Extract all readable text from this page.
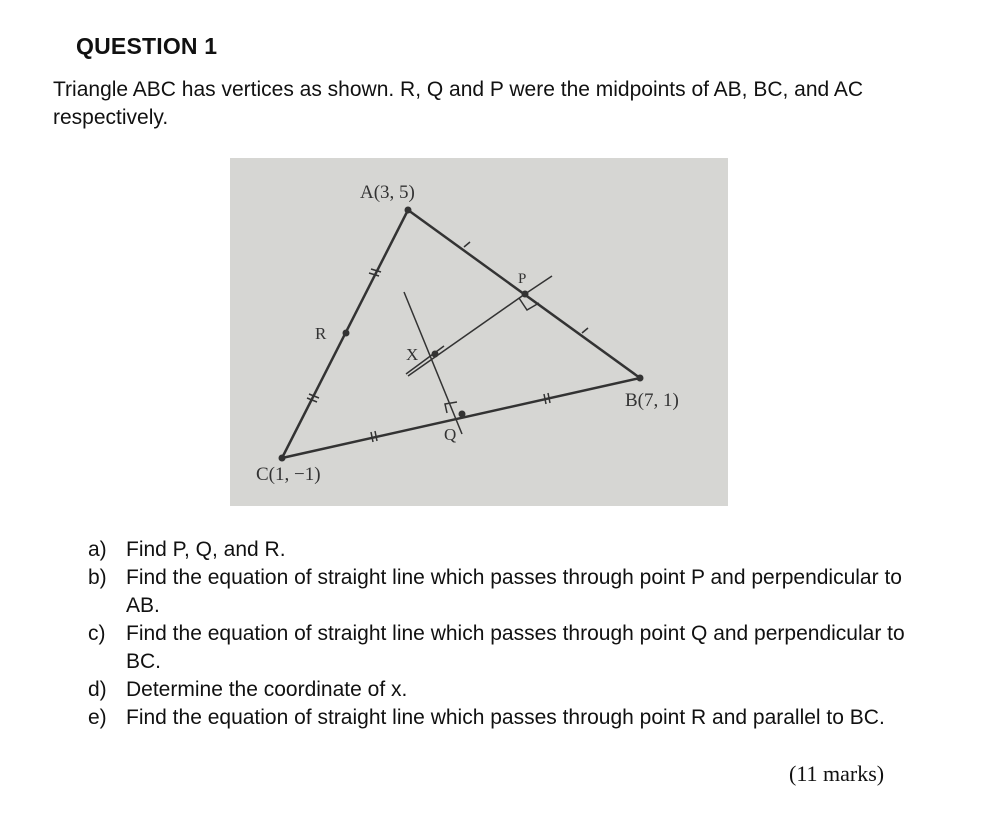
QUESTION 1
Triangle ABC has vertices as shown. R, Q and P were the midpoints of AB, BC, and AC respectively.
A(3, 5)
B(7, 1)
C(1, −1)
P
Q
R
X
a) Find P, Q, and R.
b) Find the equation of straight line which passes through point P and perpendicular to AB.
c) Find the equation of straight line which passes through point Q and perpendicular to BC.
d) Determine the coordinate of x.
e) Find the equation of straight line which passes through point R and parallel to BC.
(11 marks)
